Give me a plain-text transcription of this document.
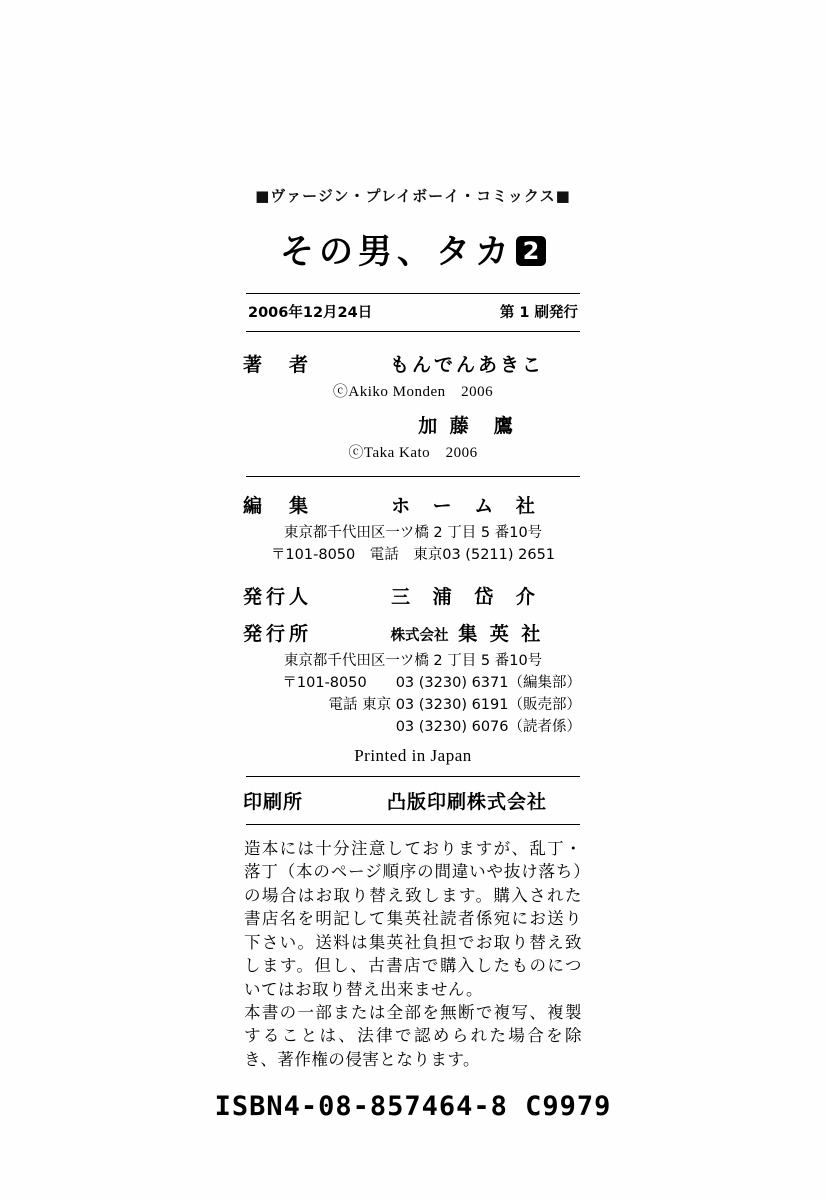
■ヴァージン・プレイボーイ・コミックス■
その男、タカ 2
2006年12月24日	第 1 刷発行
著　者	もんでんあきこ
ⓒAkiko Monden　2006
加 藤　鷹
ⓒTaka Kato　2006
編　集	ホ ー ム 社
東京都千代田区一ツ橋 2 丁目 5 番10号
〒101-8050　電話　東京03 (5211) 2651
発行人	三 浦 岱 介
発行所	株式会社 集 英 社
東京都千代田区一ツ橋 2 丁目 5 番10号
〒101-8050　　03 (3230) 6371（編集部）
電話 東京 03 (3230) 6191（販売部）
03 (3230) 6076（読者係）
Printed in Japan
印刷所	凸版印刷株式会社

造本には十分注意しておりますが、乱丁・落丁（本のページ順序の間違いや抜け落ち）の場合はお取り替え致します。購入された書店名を明記して集英社読者係宛にお送り下さい。送料は集英社負担でお取り替え致します。但し、古書店で購入したものについてはお取り替え出来ません。

本書の一部または全部を無断で複写、複製することは、法律で認められた場合を除き、著作権の侵害となります。

ISBN4-08-857464-8 C9979
